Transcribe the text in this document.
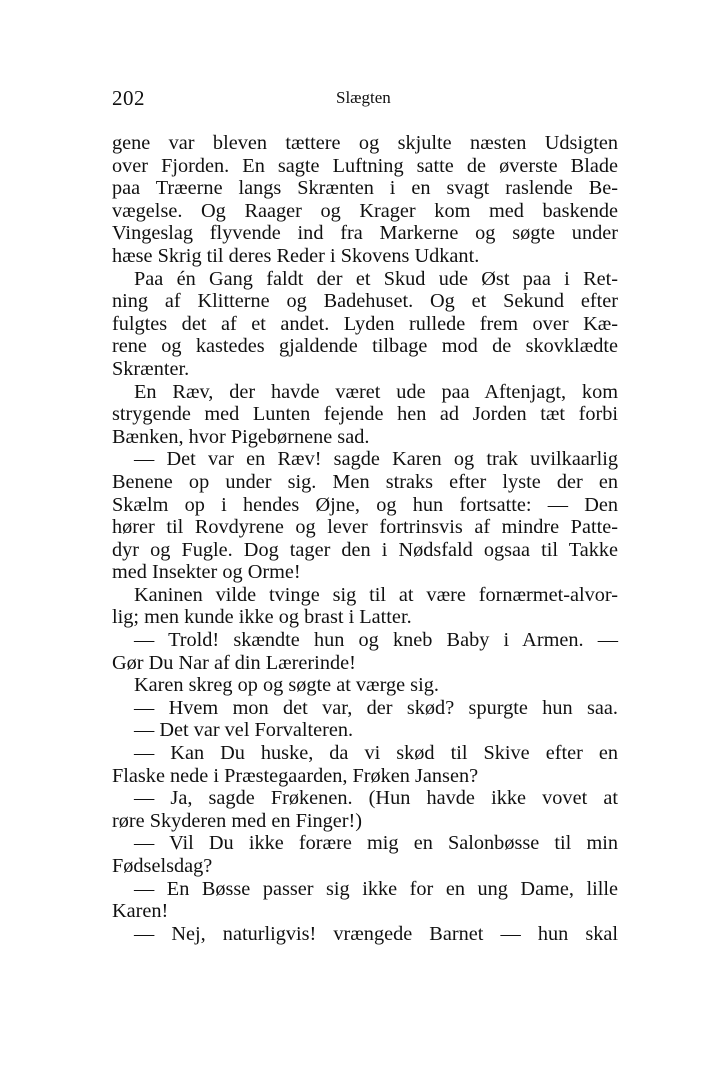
202	Slægten
gene var bleven tættere og skjulte næsten Udsigten
over Fjorden. En sagte Luftning satte de øverste Blade
paa Træerne langs Skrænten i en svagt raslende Be-
vægelse. Og Raager og Krager kom med baskende
Vingeslag flyvende ind fra Markerne og søgte under
hæse Skrig til deres Reder i Skovens Udkant.
Paa én Gang faldt der et Skud ude Øst paa i Ret-
ning af Klitterne og Badehuset. Og et Sekund efter
fulgtes det af et andet. Lyden rullede frem over Kæ-
rene og kastedes gjaldende tilbage mod de skovklædte
Skrænter.
En Ræv, der havde været ude paa Aftenjagt, kom
strygende med Lunten fejende hen ad Jorden tæt forbi
Bænken, hvor Pigebørnene sad.
— Det var en Ræv! sagde Karen og trak uvilkaarlig
Benene op under sig. Men straks efter lyste der en
Skælm op i hendes Øjne, og hun fortsatte: — Den
hører til Rovdyrene og lever fortrinsvis af mindre Patte-
dyr og Fugle. Dog tager den i Nødsfald ogsaa til Takke
med Insekter og Orme!
Kaninen vilde tvinge sig til at være fornærmet-alvor-
lig; men kunde ikke og brast i Latter.
— Trold! skændte hun og kneb Baby i Armen. —
Gør Du Nar af din Lærerinde!
Karen skreg op og søgte at værge sig.
— Hvem mon det var, der skød? spurgte hun saa.
— Det var vel Forvalteren.
— Kan Du huske, da vi skød til Skive efter en
Flaske nede i Præstegaarden, Frøken Jansen?
— Ja, sagde Frøkenen. (Hun havde ikke vovet at
røre Skyderen med en Finger!)
— Vil Du ikke forære mig en Salonbøsse til min
Fødselsdag?
— En Bøsse passer sig ikke for en ung Dame, lille
Karen!
— Nej, naturligvis! vrængede Barnet — hun skal
